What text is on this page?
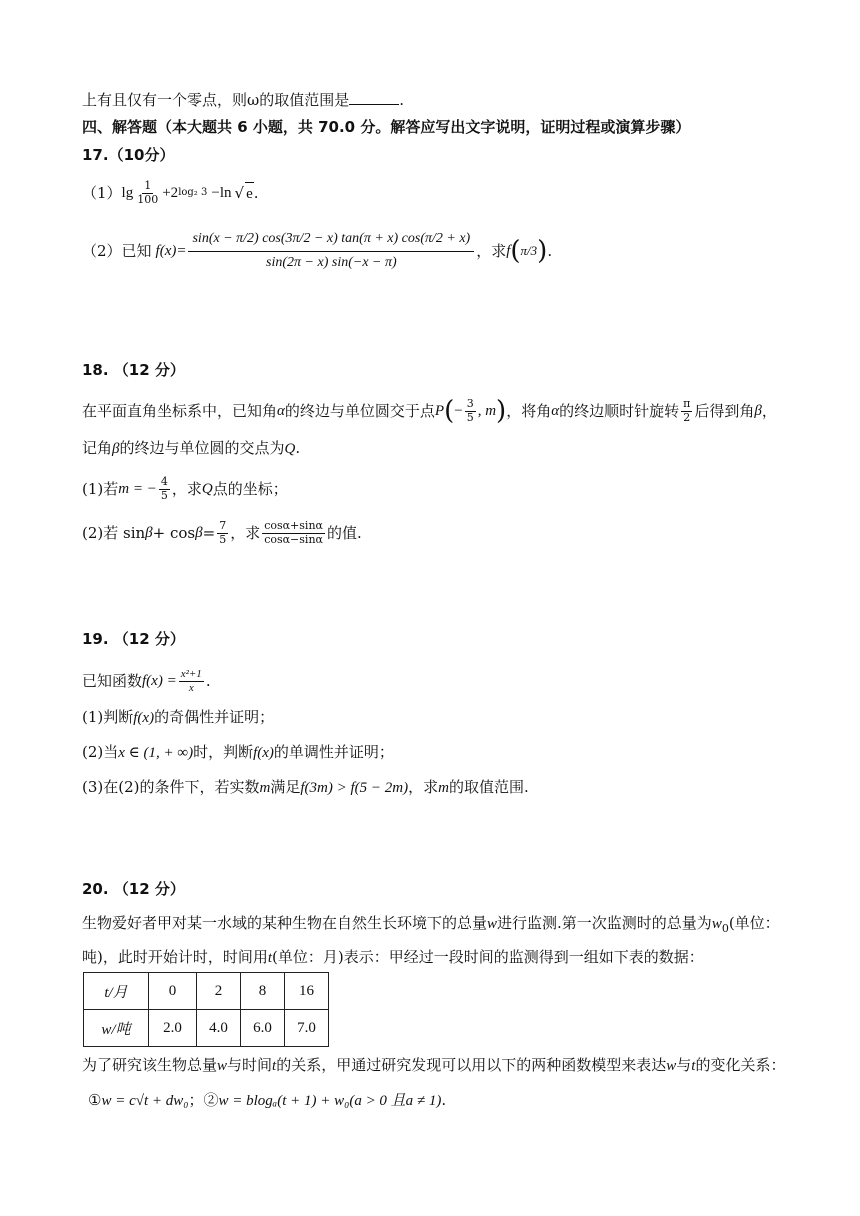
上有且仅有一个零点，则ω的取值范围是	.
四、解答题（本大题共 6 小题，共 70.0 分。解答应写出文字说明，证明过程或演算步骤）
17.（10分）
（1） $\lg \frac{1}{100} +2$ log₂ 3 −ln √ e .
（2）已知 $f(x)= \frac{\sin(x - \pi/2) \cos(3\pi/2 - x) \tan(\pi + x) \cos(\pi/2 + x)}{\sin(2\pi - x) \sin(-x - \pi)}$ ，求 f ( π/3 ) .
18. （12 分）
在平面直角坐标系中，已知角 α 的终边与单位圆交于点 P ( − $\frac{3}{5}$ , m ) ，将角 α 的终边顺时针旋转 $\frac{\pi}{2}$ 后得到角 β ，
记角β的终边与单位圆的交点为Q.
(1)若 m = − $\frac{4}{5}$ ，求 Q 点的坐标；
(2)若 $\sin \beta + \cos \beta = \frac{7}{5}$ ，求 $\frac{\cos\alpha+\sin\alpha}{\cos\alpha-\sin\alpha}$ 的值.
19. （12 分）
已知函数 $f(x) = \frac{\text{x²+1}}{x}$ .
(1)判断f(x)的奇偶性并证明；
(2)当x ∈ (1, + ∞)时，判断f(x)的单调性并证明；
(3)在(2)的条件下，若实数m满足f(3m) > f(5 − 2m)，求m的取值范围.
20. （12 分）
生物爱好者甲对某一水域的某种生物在自然生长环境下的总量w进行监测.第一次监测时的总量为$w_0$(单位：
吨)，此时开始计时，时间用t(单位：月)表示：甲经过一段时间的监测得到一组如下表的数据：
t/月	0	2	8	16
w/吨	2.0	4.0	6.0	7.0
为了研究该生物总量w与时间t的关系，甲通过研究发现可以用以下的两种函数模型来表达w与t的变化关系：
①w = c√t + dw₀；②w = blogₐ(t + 1) + w₀(a > 0 且a ≠ 1).
